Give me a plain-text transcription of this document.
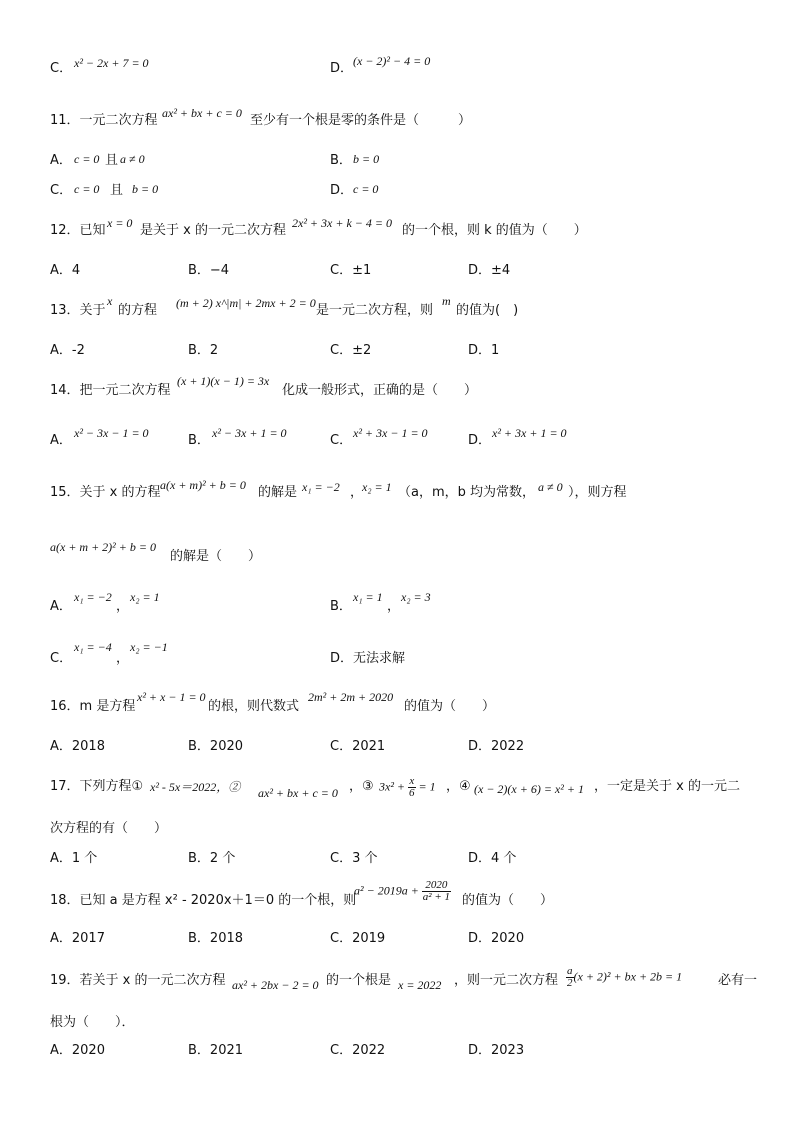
C． x² − 2x + 7 = 0	D． (x − 2)² − 4 = 0
11．一元二次方程 ax² + bx + c = 0 至少有一个根是零的条件是（　　　）
A． c = 0 且 a ≠ 0	B． b = 0
C． c = 0 且 b = 0	D． c = 0
12．已知 x = 0 是关于 x 的一元二次方程 2x² + 3x + k − 4 = 0 的一个根，则 k 的值为（　　）
A．4	B．−4	C．±1	D．±4
13．关于
x
的方程 (m + 2) x^|m| + 2mx + 2 = 0 是一元二次方程，则
m
的值为(　)
A．-2	B．2	C．±2	D．1
14．把一元二次方程
(x + 1)(x − 1) = 3x
化成一般形式，正确的是（　　）
A． x² − 3x − 1 = 0	B． x² − 3x + 1 = 0	C． x² + 3x − 1 = 0	D． x² + 3x + 1 = 0
15．关于 x 的方程 a(x + m)² + b = 0 的解是 x₁ = −2 ，
x₂ = 1 （a，m，b 均为常数， a ≠ 0 ），则方程
a(x + m + 2)² + b = 0
的解是（　　）
A．
x₁ = −2
，
x₂ = 1
B．
x₁ = 1
，
x₂ = 3
C．
x₁ = −4
，
x₂ = −1
D．无法求解
16．m 是方程
x² + x − 1 = 0
的根，则代数式
2m² + 2m + 2020
的值为（　　）
A．2018	B．2020	C．2021	D．2022
17．下列方程① x² - 5x＝2022，② ax² + bx + c = 0 ，③ $3x^2 + \frac{x}{6} = 1$ ，④ (x − 2)(x + 6) = x² + 1 ，一定是关于 x 的一元二
次方程的有（　　）
A．1 个	B．2 个	C．3 个	D．4 个
18．已知 a 是方程 x² - 2020x＋1＝0 的一个根，则
$a^2 - 2019a + \frac{2020}{\text{a² + 1}}$ 的值为（　　）
A．2017	B．2018	C．2019	D．2020
19．若关于 x 的一元二次方程 ax² + 2bx − 2 = 0 的一个根是 x = 2022 ，则一元二次方程 $\frac{a}{2} (x + 2)^2$ + bx + 2b = 1	必有一
根为（　　）．
A．2020	B．2021	C．2022	D．2023
